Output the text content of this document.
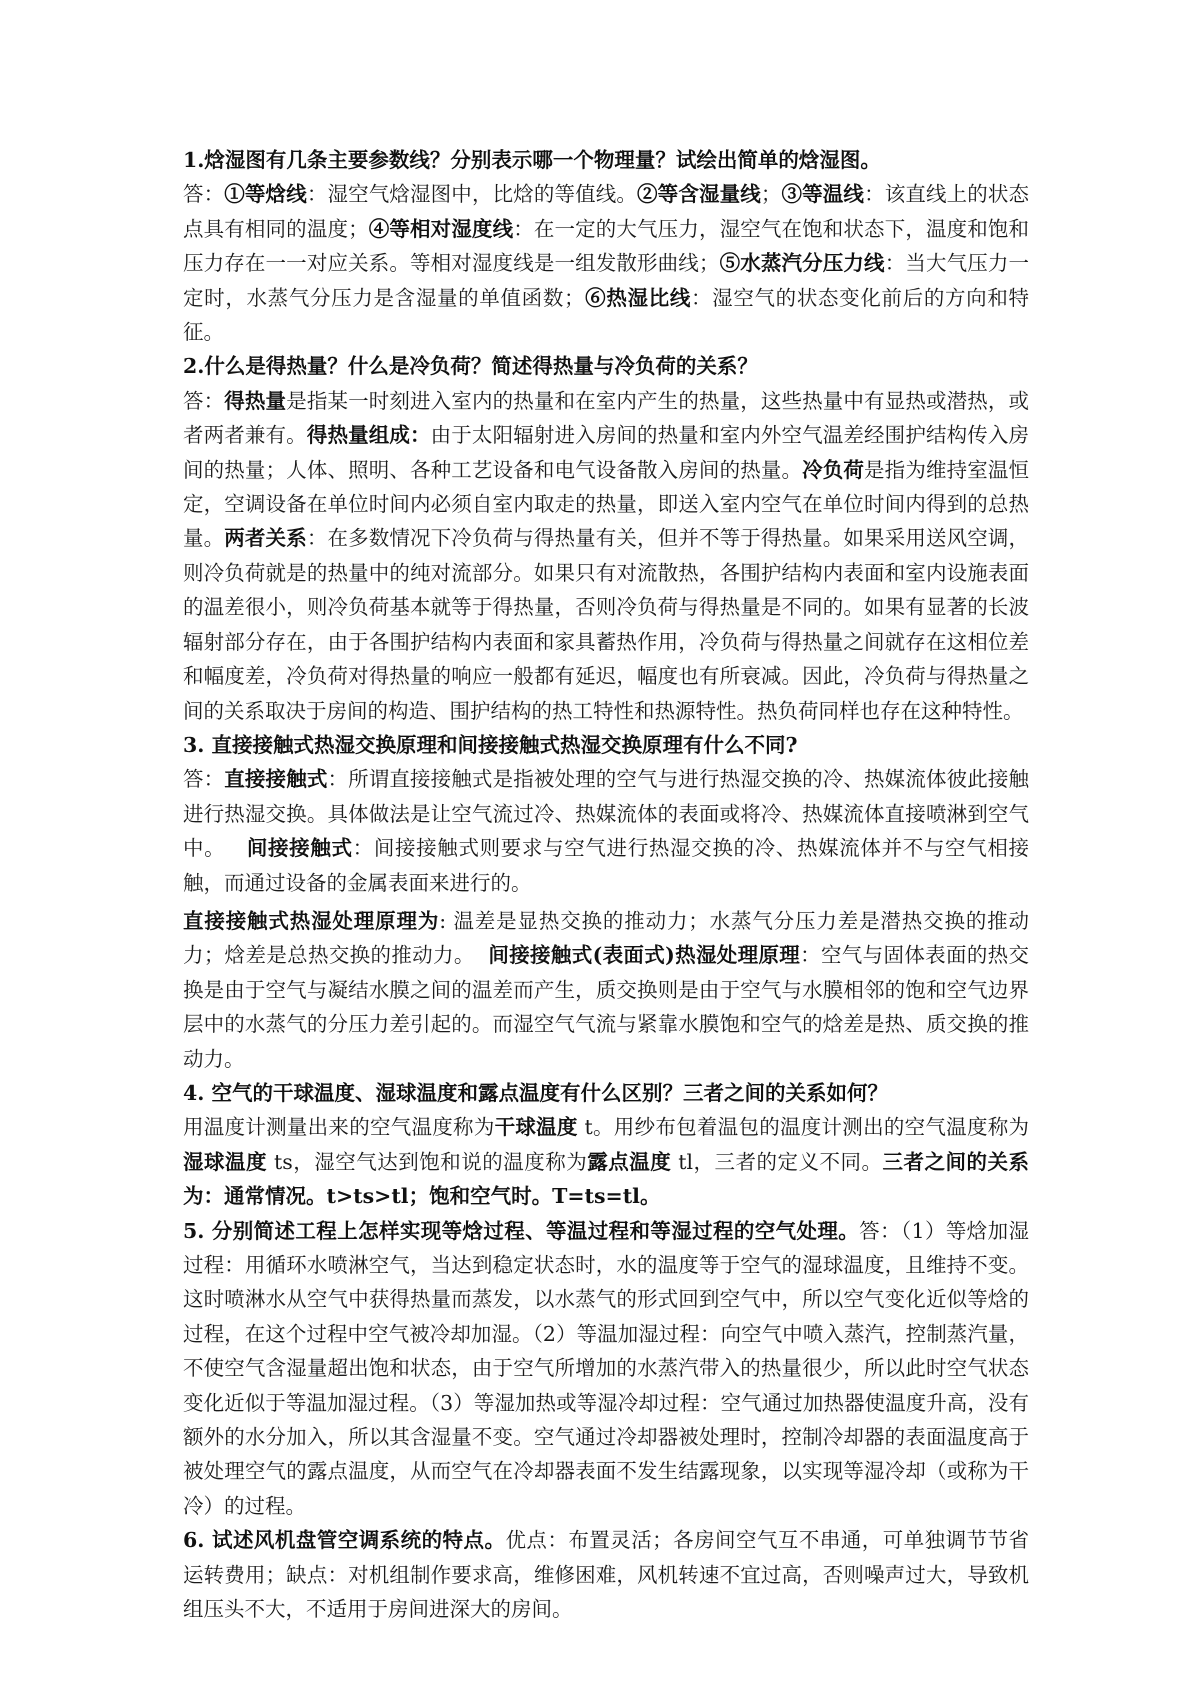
1.焓湿图有几条主要参数线？分别表示哪一个物理量？试绘出简单的焓湿图。

答：①等焓线：湿空气焓湿图中，比焓的等值线。②等含湿量线；③等温线：该直线上的状态点具有相同的温度；④等相对湿度线：在一定的大气压力，湿空气在饱和状态下，温度和饱和压力存在一一对应关系。等相对湿度线是一组发散形曲线；⑤水蒸汽分压力线：当大气压力一定时，水蒸气分压力是含湿量的单值函数；⑥热湿比线：湿空气的状态变化前后的方向和特征。

2.什么是得热量？什么是冷负荷？简述得热量与冷负荷的关系？

答：得热量是指某一时刻进入室内的热量和在室内产生的热量，这些热量中有显热或潜热，或者两者兼有。得热量组成：由于太阳辐射进入房间的热量和室内外空气温差经围护结构传入房间的热量；人体、照明、各种工艺设备和电气设备散入房间的热量。冷负荷是指为维持室温恒定，空调设备在单位时间内必须自室内取走的热量，即送入室内空气在单位时间内得到的总热量。两者关系：在多数情况下冷负荷与得热量有关，但并不等于得热量。如果采用送风空调，则冷负荷就是的热量中的纯对流部分。如果只有对流散热，各围护结构内表面和室内设施表面的温差很小，则冷负荷基本就等于得热量，否则冷负荷与得热量是不同的。如果有显著的长波辐射部分存在，由于各围护结构内表面和家具蓄热作用，冷负荷与得热量之间就存在这相位差和幅度差，冷负荷对得热量的响应一般都有延迟，幅度也有所衰减。因此，冷负荷与得热量之间的关系取决于房间的构造、围护结构的热工特性和热源特性。热负荷同样也存在这种特性。

3. 直接接触式热湿交换原理和间接接触式热湿交换原理有什么不同?

答：直接接触式：所谓直接接触式是指被处理的空气与进行热湿交换的冷、热媒流体彼此接触进行热湿交换。具体做法是让空气流过冷、热媒流体的表面或将冷、热媒流体直接喷淋到空气中。 间接接触式：间接接触式则要求与空气进行热湿交换的冷、热媒流体并不与空气相接触，而通过设备的金属表面来进行的。

直接接触式热湿处理原理为: 温差是显热交换的推动力；水蒸气分压力差是潜热交换的推动力；焓差是总热交换的推动力。 间接接触式(表面式)热湿处理原理：空气与固体表面的热交换是由于空气与凝结水膜之间的温差而产生，质交换则是由于空气与水膜相邻的饱和空气边界层中的水蒸气的分压力差引起的。而湿空气气流与紧靠水膜饱和空气的焓差是热、质交换的推动力。

4. 空气的干球温度、湿球温度和露点温度有什么区别？三者之间的关系如何？

用温度计测量出来的空气温度称为干球温度 t。用纱布包着温包的温度计测出的空气温度称为湿球温度 ts，湿空气达到饱和说的温度称为露点温度 tl，三者的定义不同。三者之间的关系为：通常情况。t>ts>tl；饱和空气时。T=ts=tl。

5. 分别简述工程上怎样实现等焓过程、等温过程和等湿过程的空气处理。答：（1）等焓加湿过程：用循环水喷淋空气，当达到稳定状态时，水的温度等于空气的湿球温度，且维持不变。这时喷淋水从空气中获得热量而蒸发，以水蒸气的形式回到空气中，所以空气变化近似等焓的过程，在这个过程中空气被冷却加湿。（2）等温加湿过程：向空气中喷入蒸汽，控制蒸汽量，不使空气含湿量超出饱和状态，由于空气所增加的水蒸汽带入的热量很少，所以此时空气状态变化近似于等温加湿过程。（3）等湿加热或等湿冷却过程：空气通过加热器使温度升高，没有额外的水分加入，所以其含湿量不变。空气通过冷却器被处理时，控制冷却器的表面温度高于被处理空气的露点温度，从而空气在冷却器表面不发生结露现象，以实现等湿冷却（或称为干冷）的过程。

6. 试述风机盘管空调系统的特点。优点：布置灵活；各房间空气互不串通，可单独调节节省运转费用；缺点：对机组制作要求高，维修困难，风机转速不宜过高，否则噪声过大，导致机组压头不大，不适用于房间进深大的房间。
